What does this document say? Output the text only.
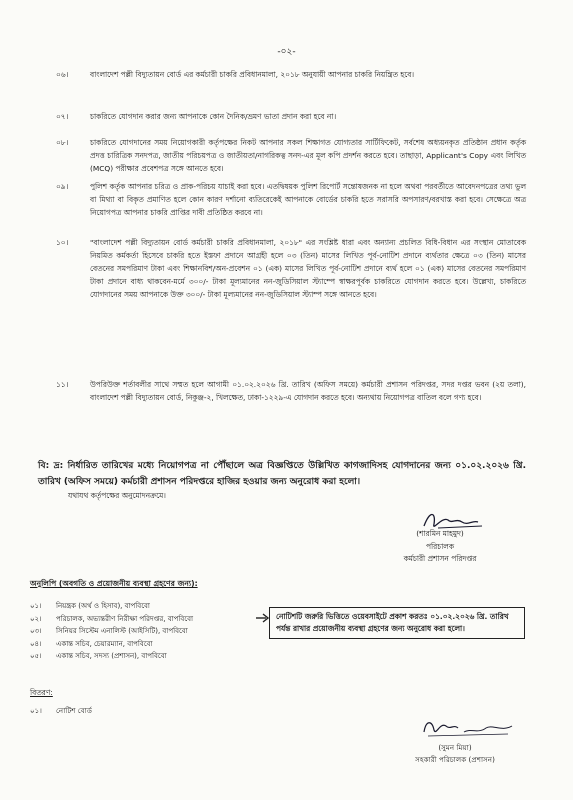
-০২-
০৬।	বাংলাদেশ পল্লী বিদ্যুতায়ন বোর্ড এর কর্মচারী চাকরি প্রবিধানমালা, ২০১৮ অনুযায়ী আপনার চাকরি নিয়ন্ত্রিত হবে।
০৭।	চাকরিতে যোগদান করার জন্য আপনাকে কোন দৈনিক/ভ্রমণ ভাতা প্রদান করা হবে না।
০৮।	চাকরিতে যোগদানের সময় নিয়োগকারী কর্তৃপক্ষের নিকট আপনার সকল শিক্ষাগত যোগ্যতার সার্টিফিকেট, সর্বশেষ অধ্যয়নকৃত প্রতিষ্ঠান প্রধান কর্তৃক প্রদত্ত চারিত্রিক সনদপত্র, জাতীয় পরিচয়পত্র ও জাতীয়তা/নাগরিকত্ব সনদ-এর মূল কপি প্রদর্শন করতে হবে। তাছাড়া, Applicant's Copy এবং লিখিত (MCQ) পরীক্ষার প্রবেশপত্র সঙ্গে আনতে হবে।
০৯।	পুলিশ কর্তৃক আপনার চরিত্র ও প্রাক-পরিচয় যাচাই করা হবে। এতদ্বিষয়ক পুলিশ রিপোর্ট সন্তোষজনক না হলে অথবা পরবর্তীতে আবেদনপত্রের তথ্য ভুল বা মিথ্যা বা বিকৃত প্রমাণিত হলে কোন কারণ দর্শানো ব্যতিরেকেই আপনাকে বোর্ডের চাকরি হতে সরাসরি অপসারণ/বরখাস্ত করা হবে। সেক্ষেত্রে অত্র নিয়োগপত্র আপনার চাকরি প্রাপ্তির দাবী প্রতিষ্ঠিত করবে না।
১০।	"বাংলাদেশ পল্লী বিদ্যুতায়ন বোর্ড কর্মচারী চাকরি প্রবিধানমালা, ২০১৮" এর সংশ্লিষ্ট ধারা এবং অন্যান্য প্রচলিত বিধি-বিধান এর সংস্থান মোতাবেক নিয়মিত কর্মকর্তা হিসেবে চাকরি হতে ইস্তফা প্রদানে আগ্রহী হলে ০৩ (তিন) মাসের লিখিত পূর্ব-নোটিশ প্রদানে ব্যর্থতার ক্ষেত্রে ০৩ (তিন) মাসের বেতনের সমপরিমাণ টাকা এবং শিক্ষানবিশ/অন-প্রবেশন ০১ (এক) মাসের লিখিত পূর্ব-নোটিশ প্রদানে ব্যর্থ হলে ০১ (এক) মাসের বেতনের সমপরিমাণ টাকা প্রদানে বাধ্য থাকবেন-মর্মে ৩০০/- টাকা মূল্যমানের নন-জুডিসিয়াল স্ট্যাম্পে স্বাক্ষরপূর্বক চাকরিতে যোগদান করতে হবে। উল্লেখ্য, চাকরিতে যোগদানের সময় আপনাকে উক্ত ৩০০/- টাকা মূল্যমানের নন-জুডিসিয়াল স্ট্যাম্প সঙ্গে আনতে হবে।
১১।	উপরিউক্ত শর্তাবলীর সাথে সম্মত হলে আগামী ০১.০২.২০২৬ খ্রি. তারিখ (অফিস সময়ে) কর্মচারী প্রশাসন পরিদপ্তর, সদর দপ্তর ভবন (২য় তলা), বাংলাদেশ পল্লী বিদ্যুতায়ন বোর্ড, নিকুঞ্জ-২, খিলক্ষেত, ঢাকা-১২২৯-এ যোগদান করতে হবে। অন্যথায় নিয়োগপত্র বাতিল বলে গণ্য হবে।
বি: দ্র: নির্ধারিত তারিখের মধ্যে নিয়োগপত্র না পৌঁছালে অত্র বিজ্ঞপ্তিতে উল্লিখিত কাগজাদিসহ যোগদানের জন্য ০১.০২.২০২৬ খ্রি. তারিখ (অফিস সময়ে) কর্মচারী প্রশাসন পরিদপ্তরে হাজির হওয়ার জন্য অনুরোধ করা হলো।
যথাযথ কর্তৃপক্ষের অনুমোদনক্রমে।
(শারমিন মাহমুদ)
পরিচালক
কর্মচারী প্রশাসন পরিদপ্তর
অনুলিপি (অবগতি ও প্রয়োজনীয় ব্যবস্থা গ্রহণের জন্য):
০১।	নিয়ন্ত্রক (অর্থ ও হিসাব), বাপবিবো
০২।	পরিচালক, অভ্যন্তরীণ নিরীক্ষা পরিদপ্তর, বাপবিবো
০৩।	সিনিয়র সিস্টেম এনালিস্ট (আইসিটি), বাপবিবো
০৪।	একান্ত সচিব, চেয়ারম্যান, বাপবিবো
০৫।	একান্ত সচিব, সদস্য (প্রশাসন), বাপবিবো
নোটিশটি জরুরি ভিত্তিতে ওয়েবসাইটে প্রকাশ করতঃ ০১.০২.২০২৬ খ্রি. তারিখ পর্যন্ত রাখার প্রয়োজনীয় ব্যবস্থা গ্রহণের জন্য অনুরোধ করা হলো।
বিতরণ:
০১।	নোটিশ বোর্ড
(সুমন মিয়া)
সহকারী পরিচালক (প্রশাসন)
